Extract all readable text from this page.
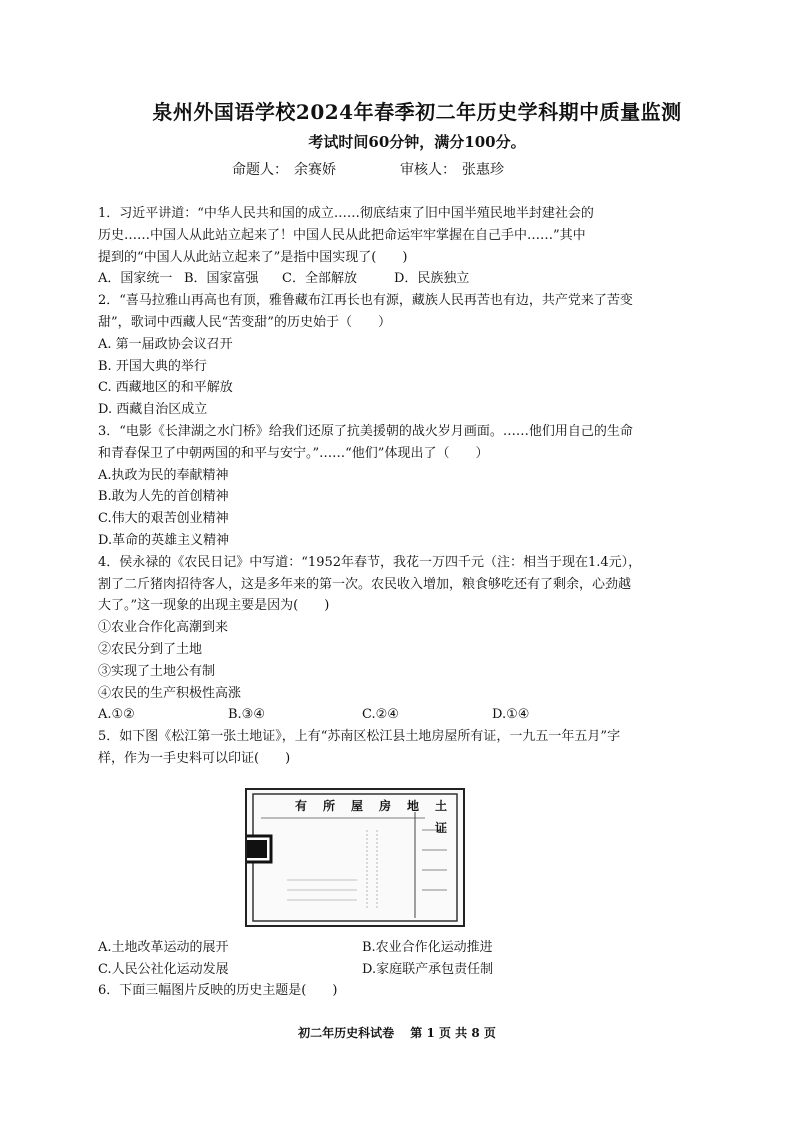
泉州外国语学校2024年春季初二年历史学科期中质量监测
考试时间60分钟，满分100分。
命题人： 余赛娇	审核人： 张惠珍

1．习近平讲道：“中华人民共和国的成立……彻底结束了旧中国半殖民地半封建社会的

历史……中国人从此站立起来了！中国人民从此把命运牢牢掌握在自己手中……”其中

提到的“中国人从此站立起来了”是指中国实现了(　　)

A．国家统一 B．国家富强	C．全部解放	D．民族独立

2．“喜马拉雅山再高也有顶，雅鲁藏布江再长也有源，藏族人民再苦也有边，共产党来了苦变

甜”，歌词中西藏人民“苦变甜”的历史始于（　　）

A. 第一届政协会议召开

B. 开国大典的举行

C. 西藏地区的和平解放

D. 西藏自治区成立

3．“电影《长津湖之水门桥》给我们还原了抗美援朝的战火岁月画面。……他们用自己的生命

和青春保卫了中朝两国的和平与安宁。”……“他们”体现出了（　　）

A.执政为民的奉献精神

B.敢为人先的首创精神

C.伟大的艰苦创业精神

D.革命的英雄主义精神

4．侯永禄的《农民日记》中写道：“1952年春节，我花一万四千元（注：相当于现在1.4元），

割了二斤猪肉招待客人，这是多年来的第一次。农民收入增加，粮食够吃还有了剩余，心劲越

大了。”这一现象的出现主要是因为(　　)

①农业合作化高潮到来

②农民分到了土地

③实现了土地公有制

④农民的生产积极性高涨

A.①②	B.③④	C.②④	D.①④

5．如下图《松江第一张土地证》，上有“苏南区松江县土地房屋所有证，一九五一年五月”字

样，作为一手史料可以印证(　　)

土地房屋所有证
A.土地改革运动的展开	B.农业合作化运动推进
C.人民公社化运动发展	D.家庭联产承包责任制

6．下面三幅图片反映的历史主题是(　　)

初二年历史科试卷 第 1 页 共 8 页
